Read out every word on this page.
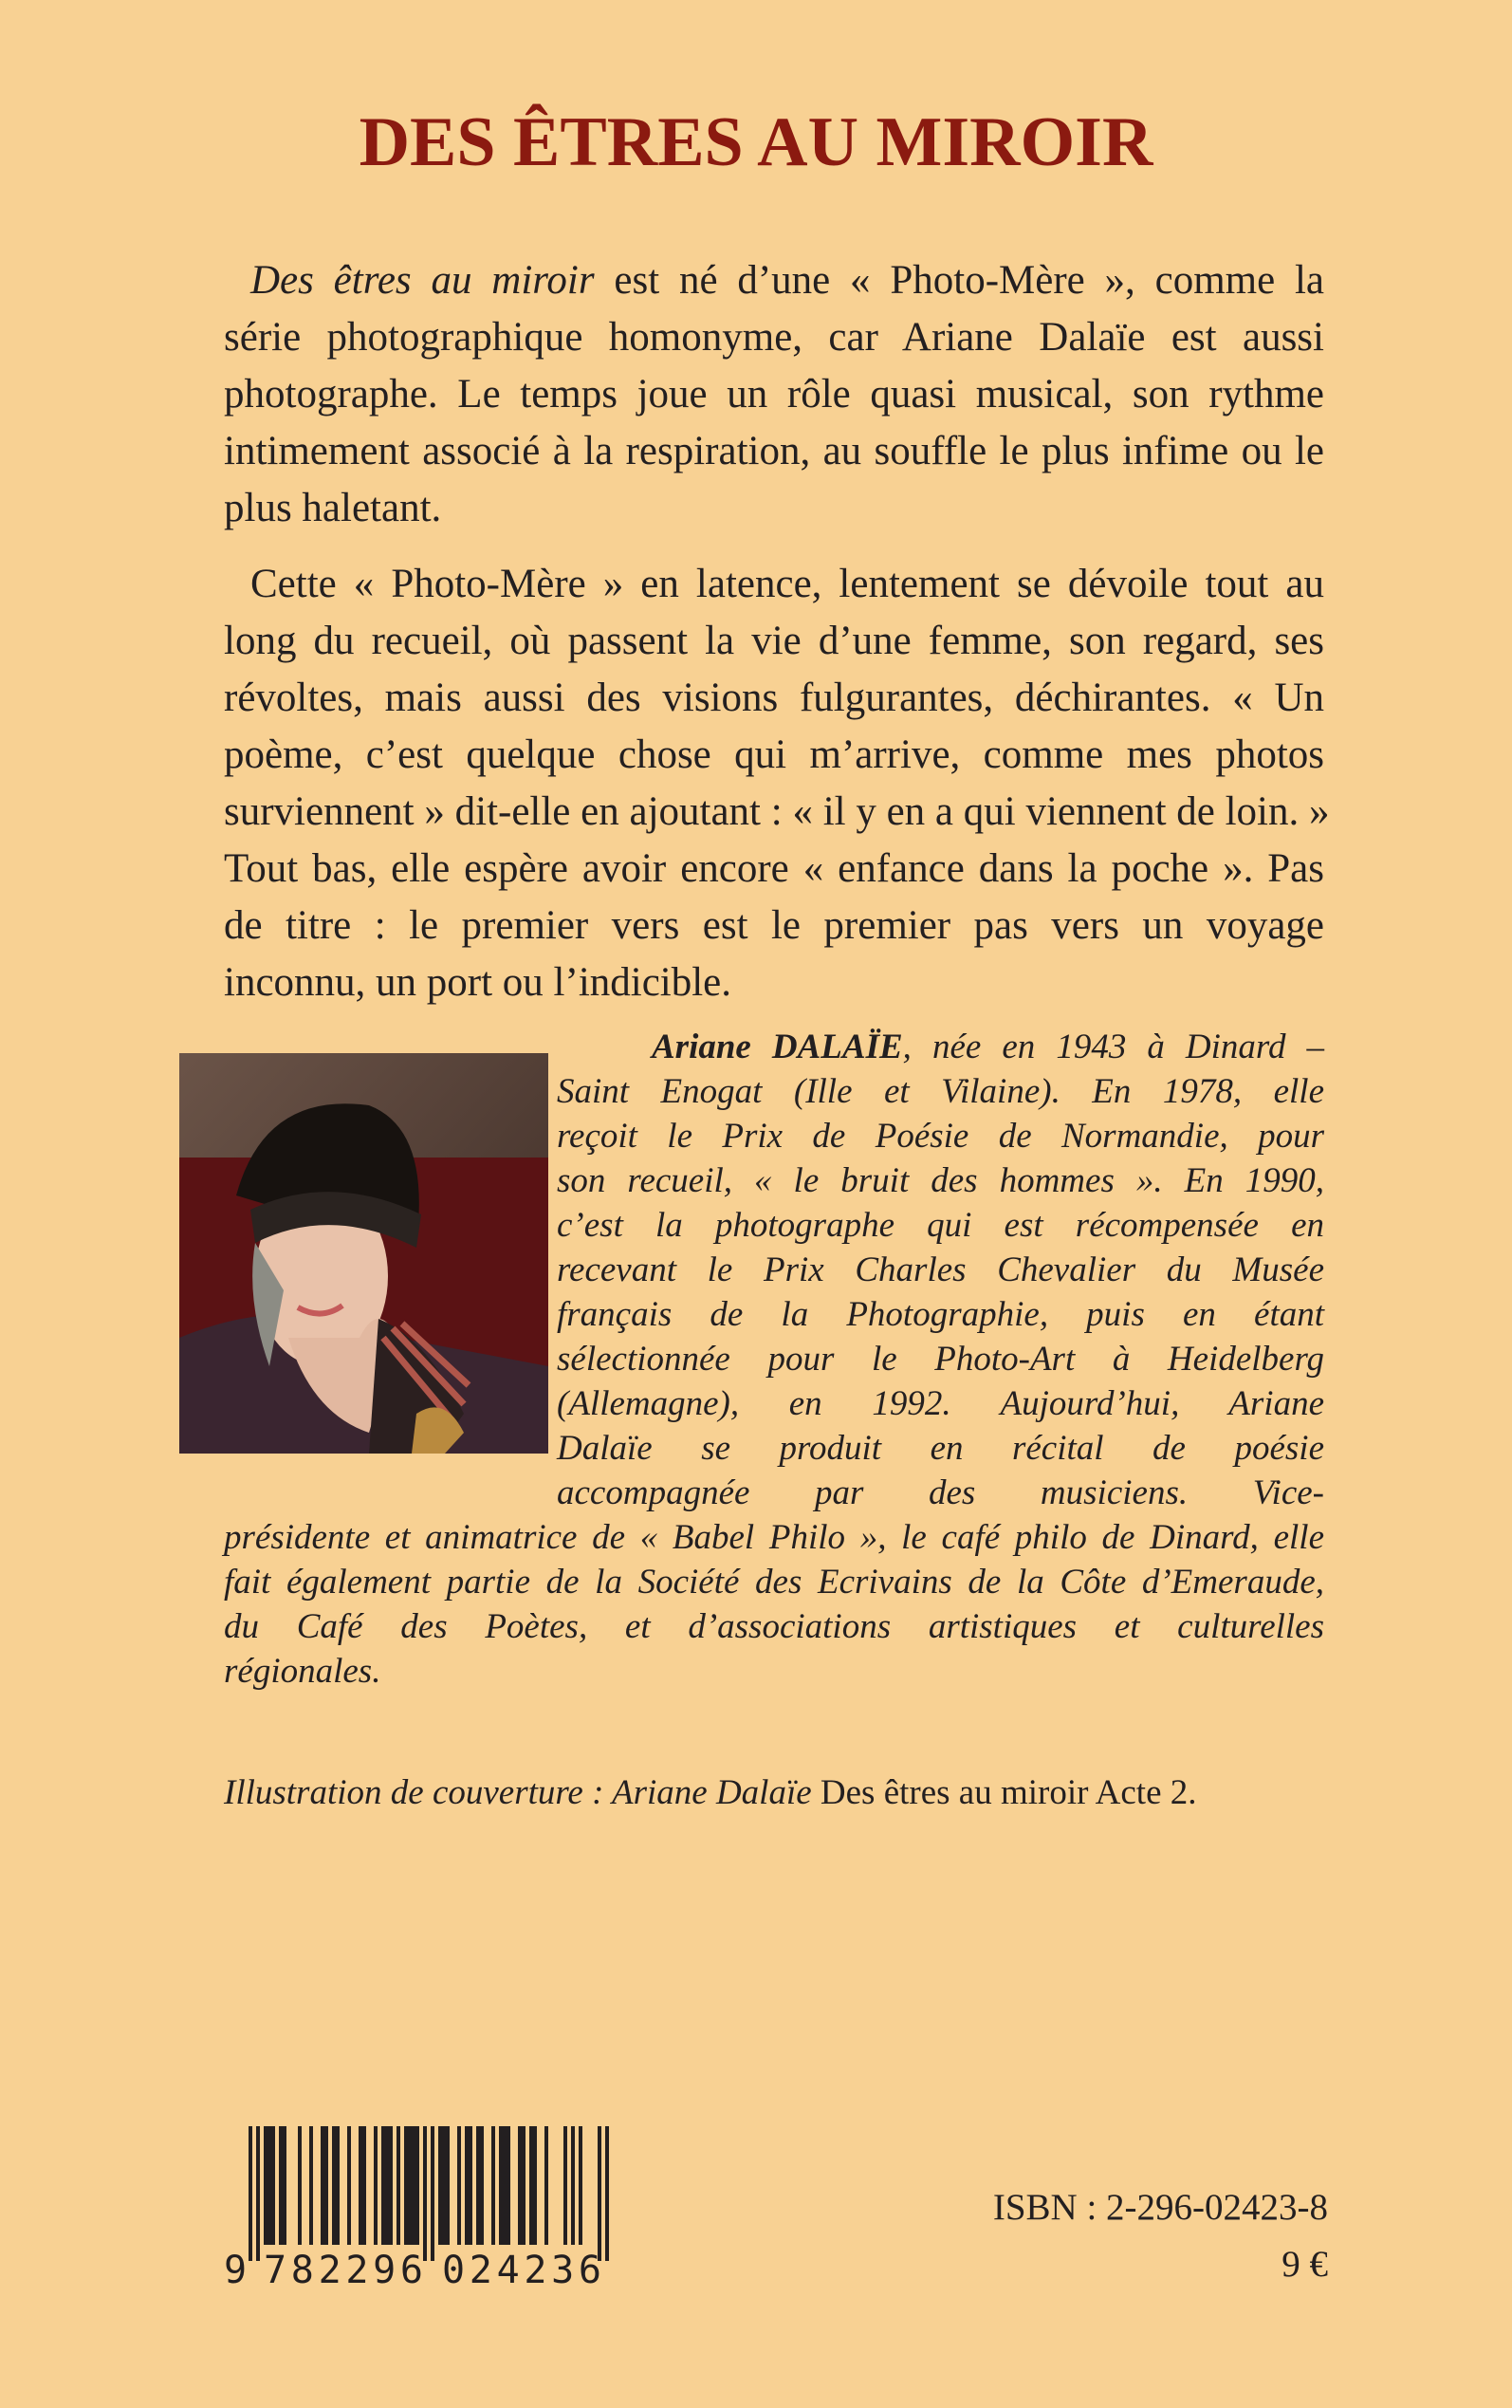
DES ÊTRES AU MIROIR
Des êtres au miroir est né d’une « Photo-Mère », comme la
série photographique homonyme, car Ariane Dalaïe est aussi
photographe. Le temps joue un rôle quasi musical, son rythme
intimement associé à la respiration, au souffle le plus infime ou le
plus haletant.
Cette « Photo-Mère » en latence, lentement se dévoile tout au
long du recueil, où passent la vie d’une femme, son regard, ses
révoltes, mais aussi des visions fulgurantes, déchirantes. « Un
poème, c’est quelque chose qui m’arrive, comme mes photos
surviennent » dit-elle en ajoutant : « il y en a qui viennent de loin. »
Tout bas, elle espère avoir encore « enfance dans la poche ». Pas
de titre : le premier vers est le premier pas vers un voyage
inconnu, un port ou l’indicible.
Ariane DALAÏE, née en 1943 à Dinard –
Saint Enogat (Ille et Vilaine). En 1978, elle
reçoit le Prix de Poésie de Normandie, pour
son recueil, « le bruit des hommes ». En 1990,
c’est la photographe qui est récompensée en
recevant le Prix Charles Chevalier du Musée
français de la Photographie, puis en étant
sélectionnée pour le Photo-Art à Heidelberg
(Allemagne), en 1992. Aujourd’hui, Ariane
Dalaïe se produit en récital de poésie
accompagnée par des musiciens. Vice-
présidente et animatrice de « Babel Philo », le café philo de Dinard, elle
fait également partie de la Société des Ecrivains de la Côte d’Emeraude,
du Café des Poètes, et d’associations artistiques et culturelles
régionales.
Illustration de couverture : Ariane Dalaïe Des êtres au miroir Acte 2.
9 782296 024236
ISBN : 2-296-02423-8
9 €
